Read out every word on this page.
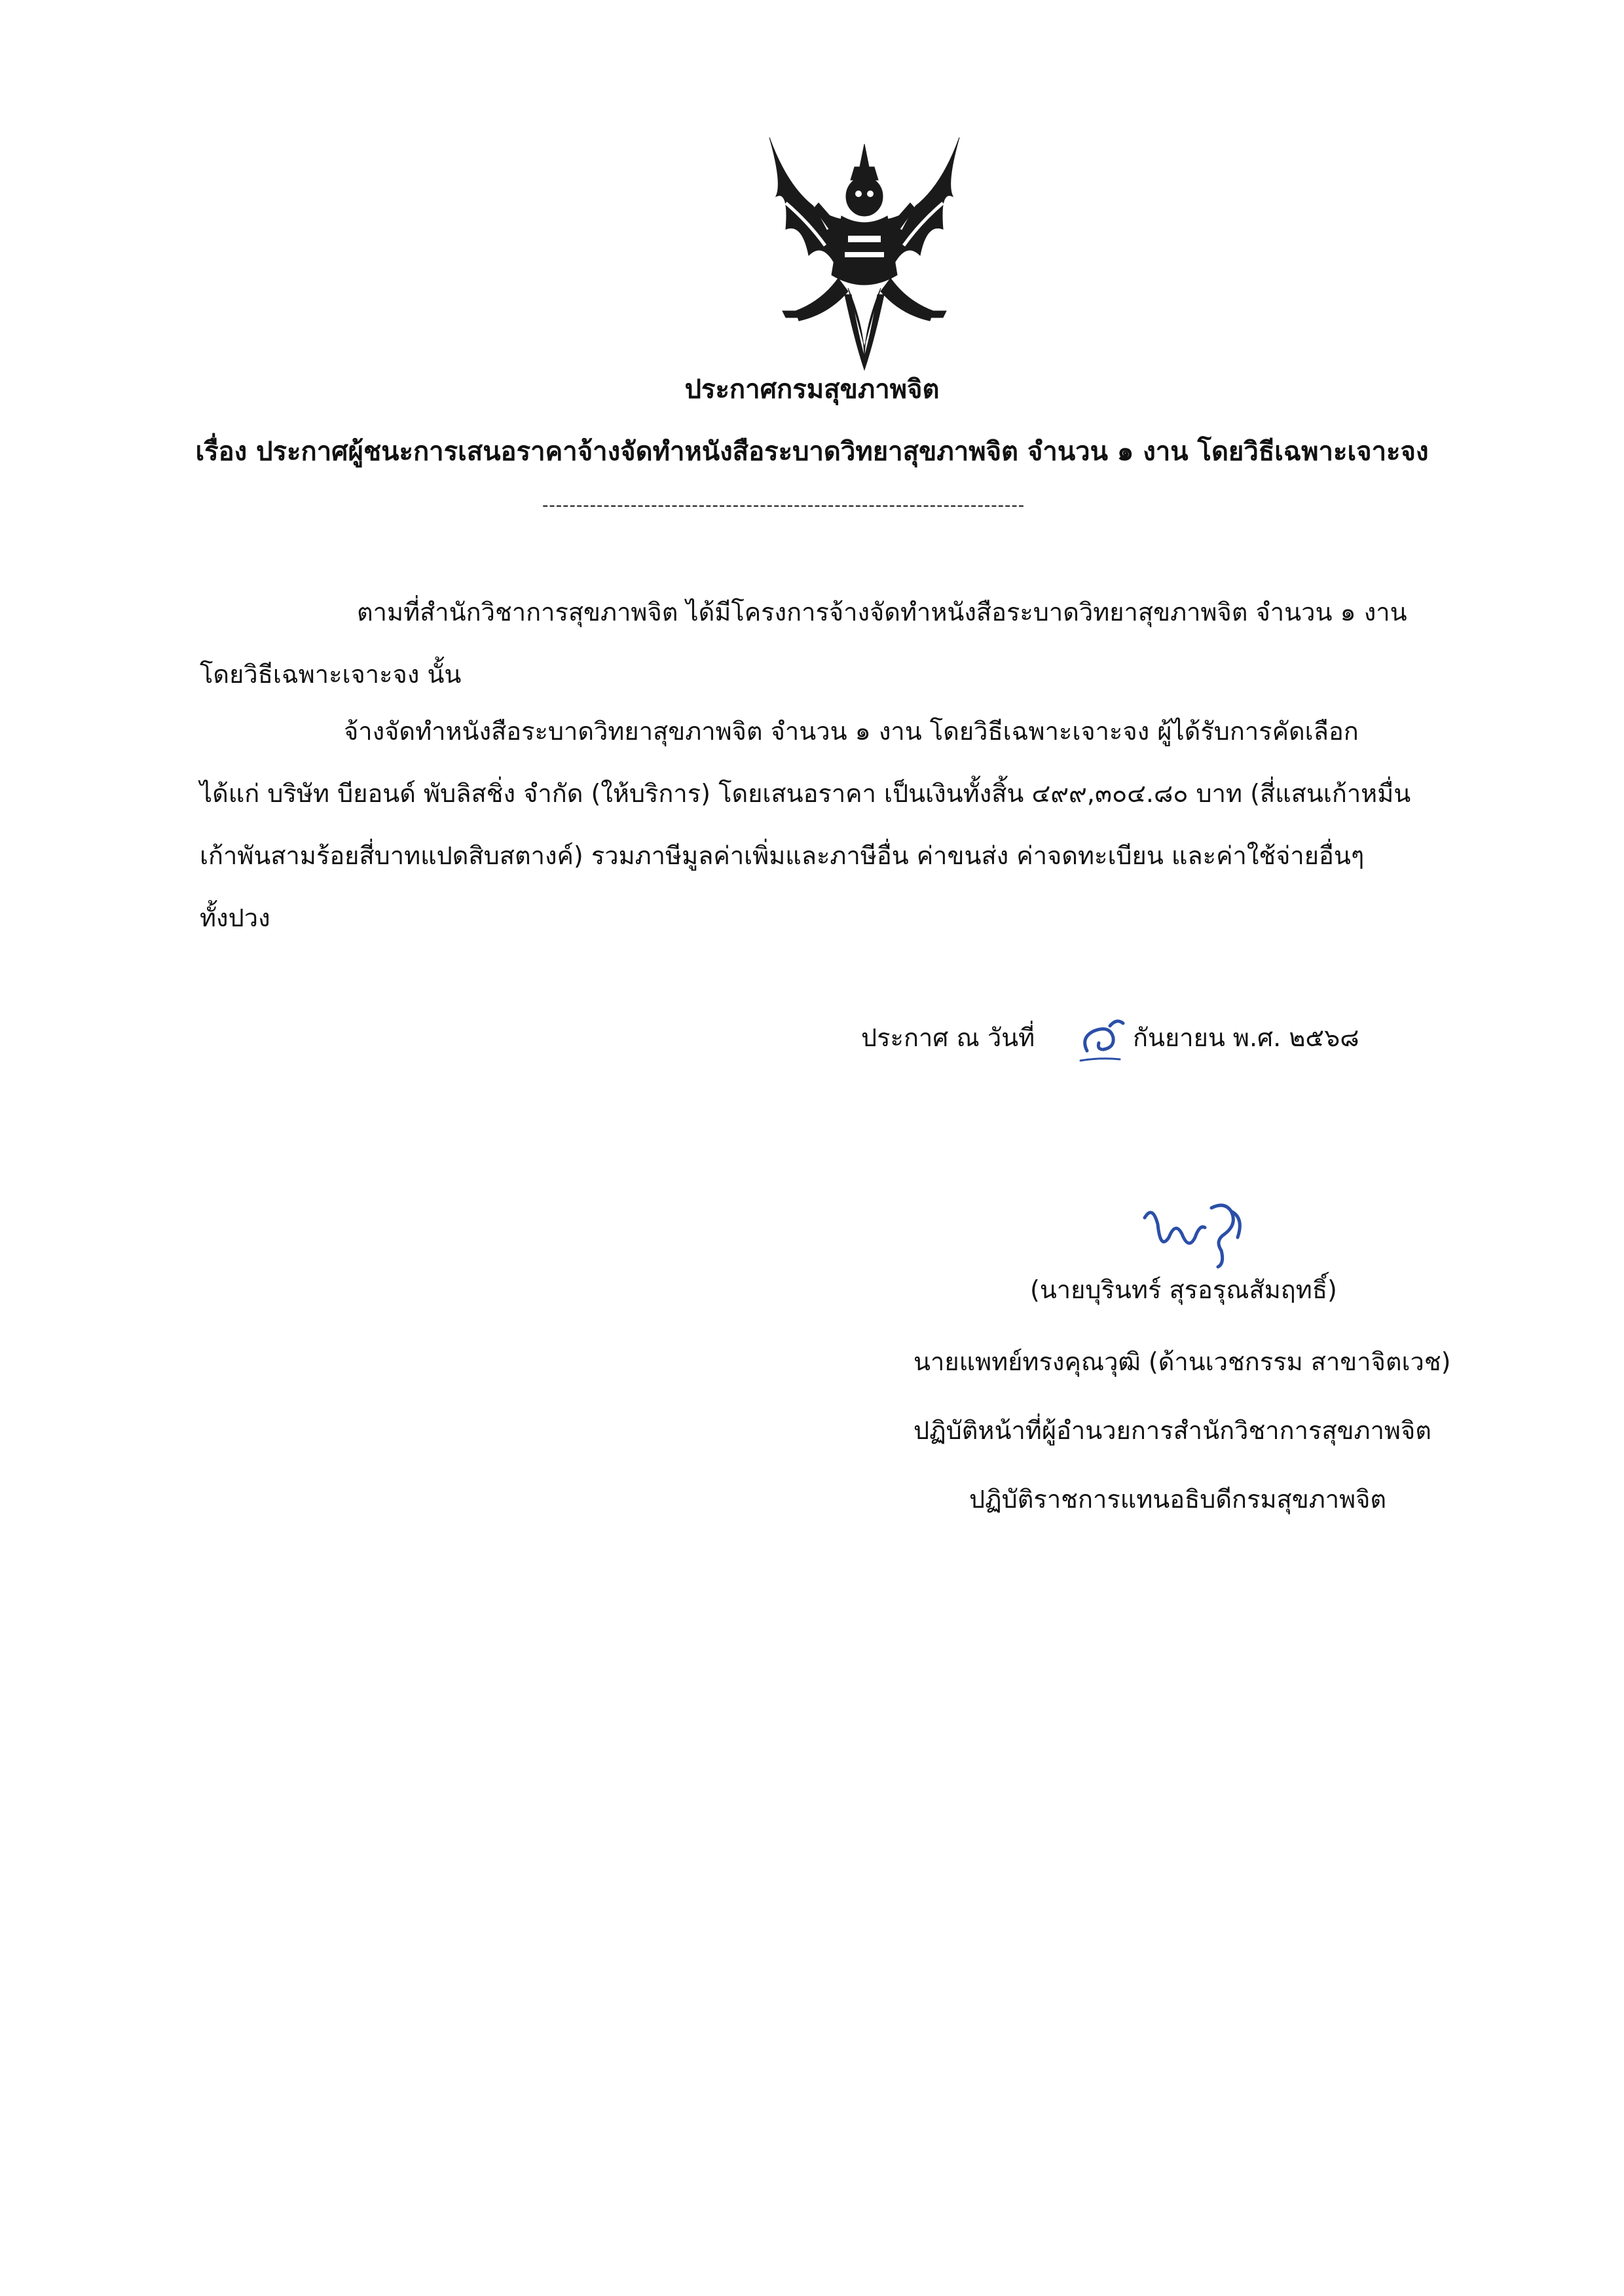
ประกาศกรมสุขภาพจิต
เรื่อง ประกาศผู้ชนะการเสนอราคาจ้างจัดทำหนังสือระบาดวิทยาสุขภาพจิต จำนวน ๑ งาน โดยวิธีเฉพาะเจาะจง
-----------------------------------------------------------------------
ตามที่สำนักวิชาการสุขภาพจิต ได้มีโครงการจ้างจัดทำหนังสือระบาดวิทยาสุขภาพจิต จำนวน ๑ งาน
โดยวิธีเฉพาะเจาะจง นั้น
จ้างจัดทำหนังสือระบาดวิทยาสุขภาพจิต จำนวน ๑ งาน โดยวิธีเฉพาะเจาะจง ผู้ได้รับการคัดเลือก
ได้แก่ บริษัท บียอนด์ พับลิสชิ่ง จำกัด (ให้บริการ) โดยเสนอราคา เป็นเงินทั้งสิ้น ๔๙๙,๓๐๔.๘๐ บาท (สี่แสนเก้าหมื่น
เก้าพันสามร้อยสี่บาทแปดสิบสตางค์) รวมภาษีมูลค่าเพิ่มและภาษีอื่น ค่าขนส่ง ค่าจดทะเบียน และค่าใช้จ่ายอื่นๆ
ทั้งปวง
ประกาศ ณ วันที่	กันยายน พ.ศ. ๒๕๖๘
(นายบุรินทร์ สุรอรุณสัมฤทธิ์)
นายแพทย์ทรงคุณวุฒิ (ด้านเวชกรรม สาขาจิตเวช)
ปฏิบัติหน้าที่ผู้อำนวยการสำนักวิชาการสุขภาพจิต
ปฏิบัติราชการแทนอธิบดีกรมสุขภาพจิต
